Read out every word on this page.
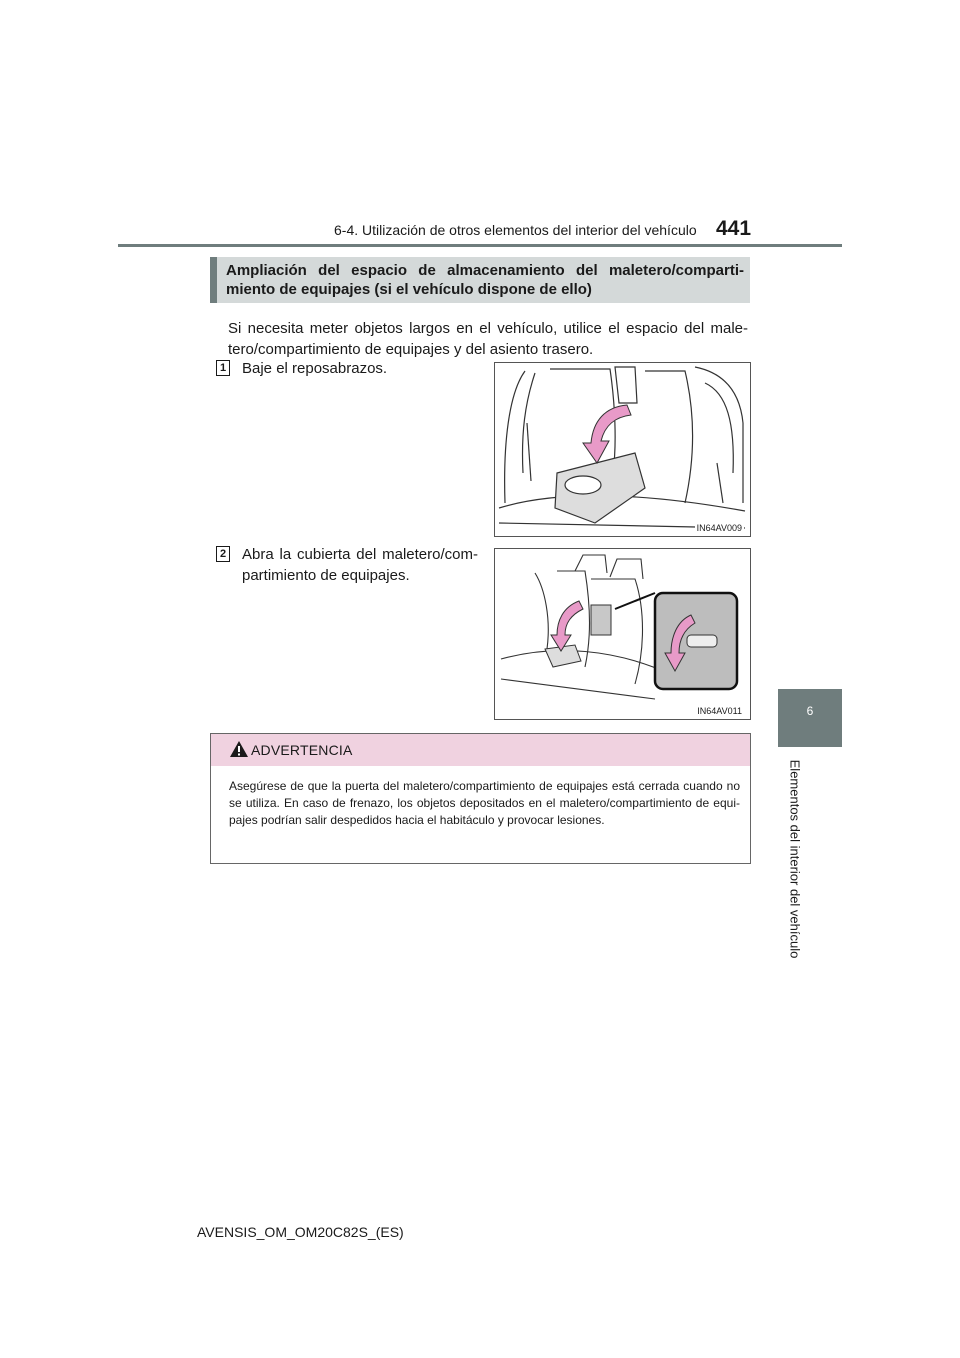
6-4. Utilización de otros elementos del interior del vehículo 441
6
Elementos del interior del vehículo
Ampliación del espacio de almacenamiento del maletero/comparti- miento de equipajes (si el vehículo dispone de ello)
Si necesita meter objetos largos en el vehículo, utilice el espacio del male- tero/compartimiento de equipajes y del asiento trasero.
1 Baje el reposabrazos.
IN64AV009
2 Abra la cubierta del maletero/com- partimiento de equipajes.
IN64AV011
ADVERTENCIA
Asegúrese de que la puerta del maletero/compartimiento de equipajes está cerrada cuando no se utiliza. En caso de frenazo, los objetos depositados en el maletero/compartimiento de equi- pajes podrían salir despedidos hacia el habitáculo y provocar lesiones.
AVENSIS_OM_OM20C82S_(ES)
